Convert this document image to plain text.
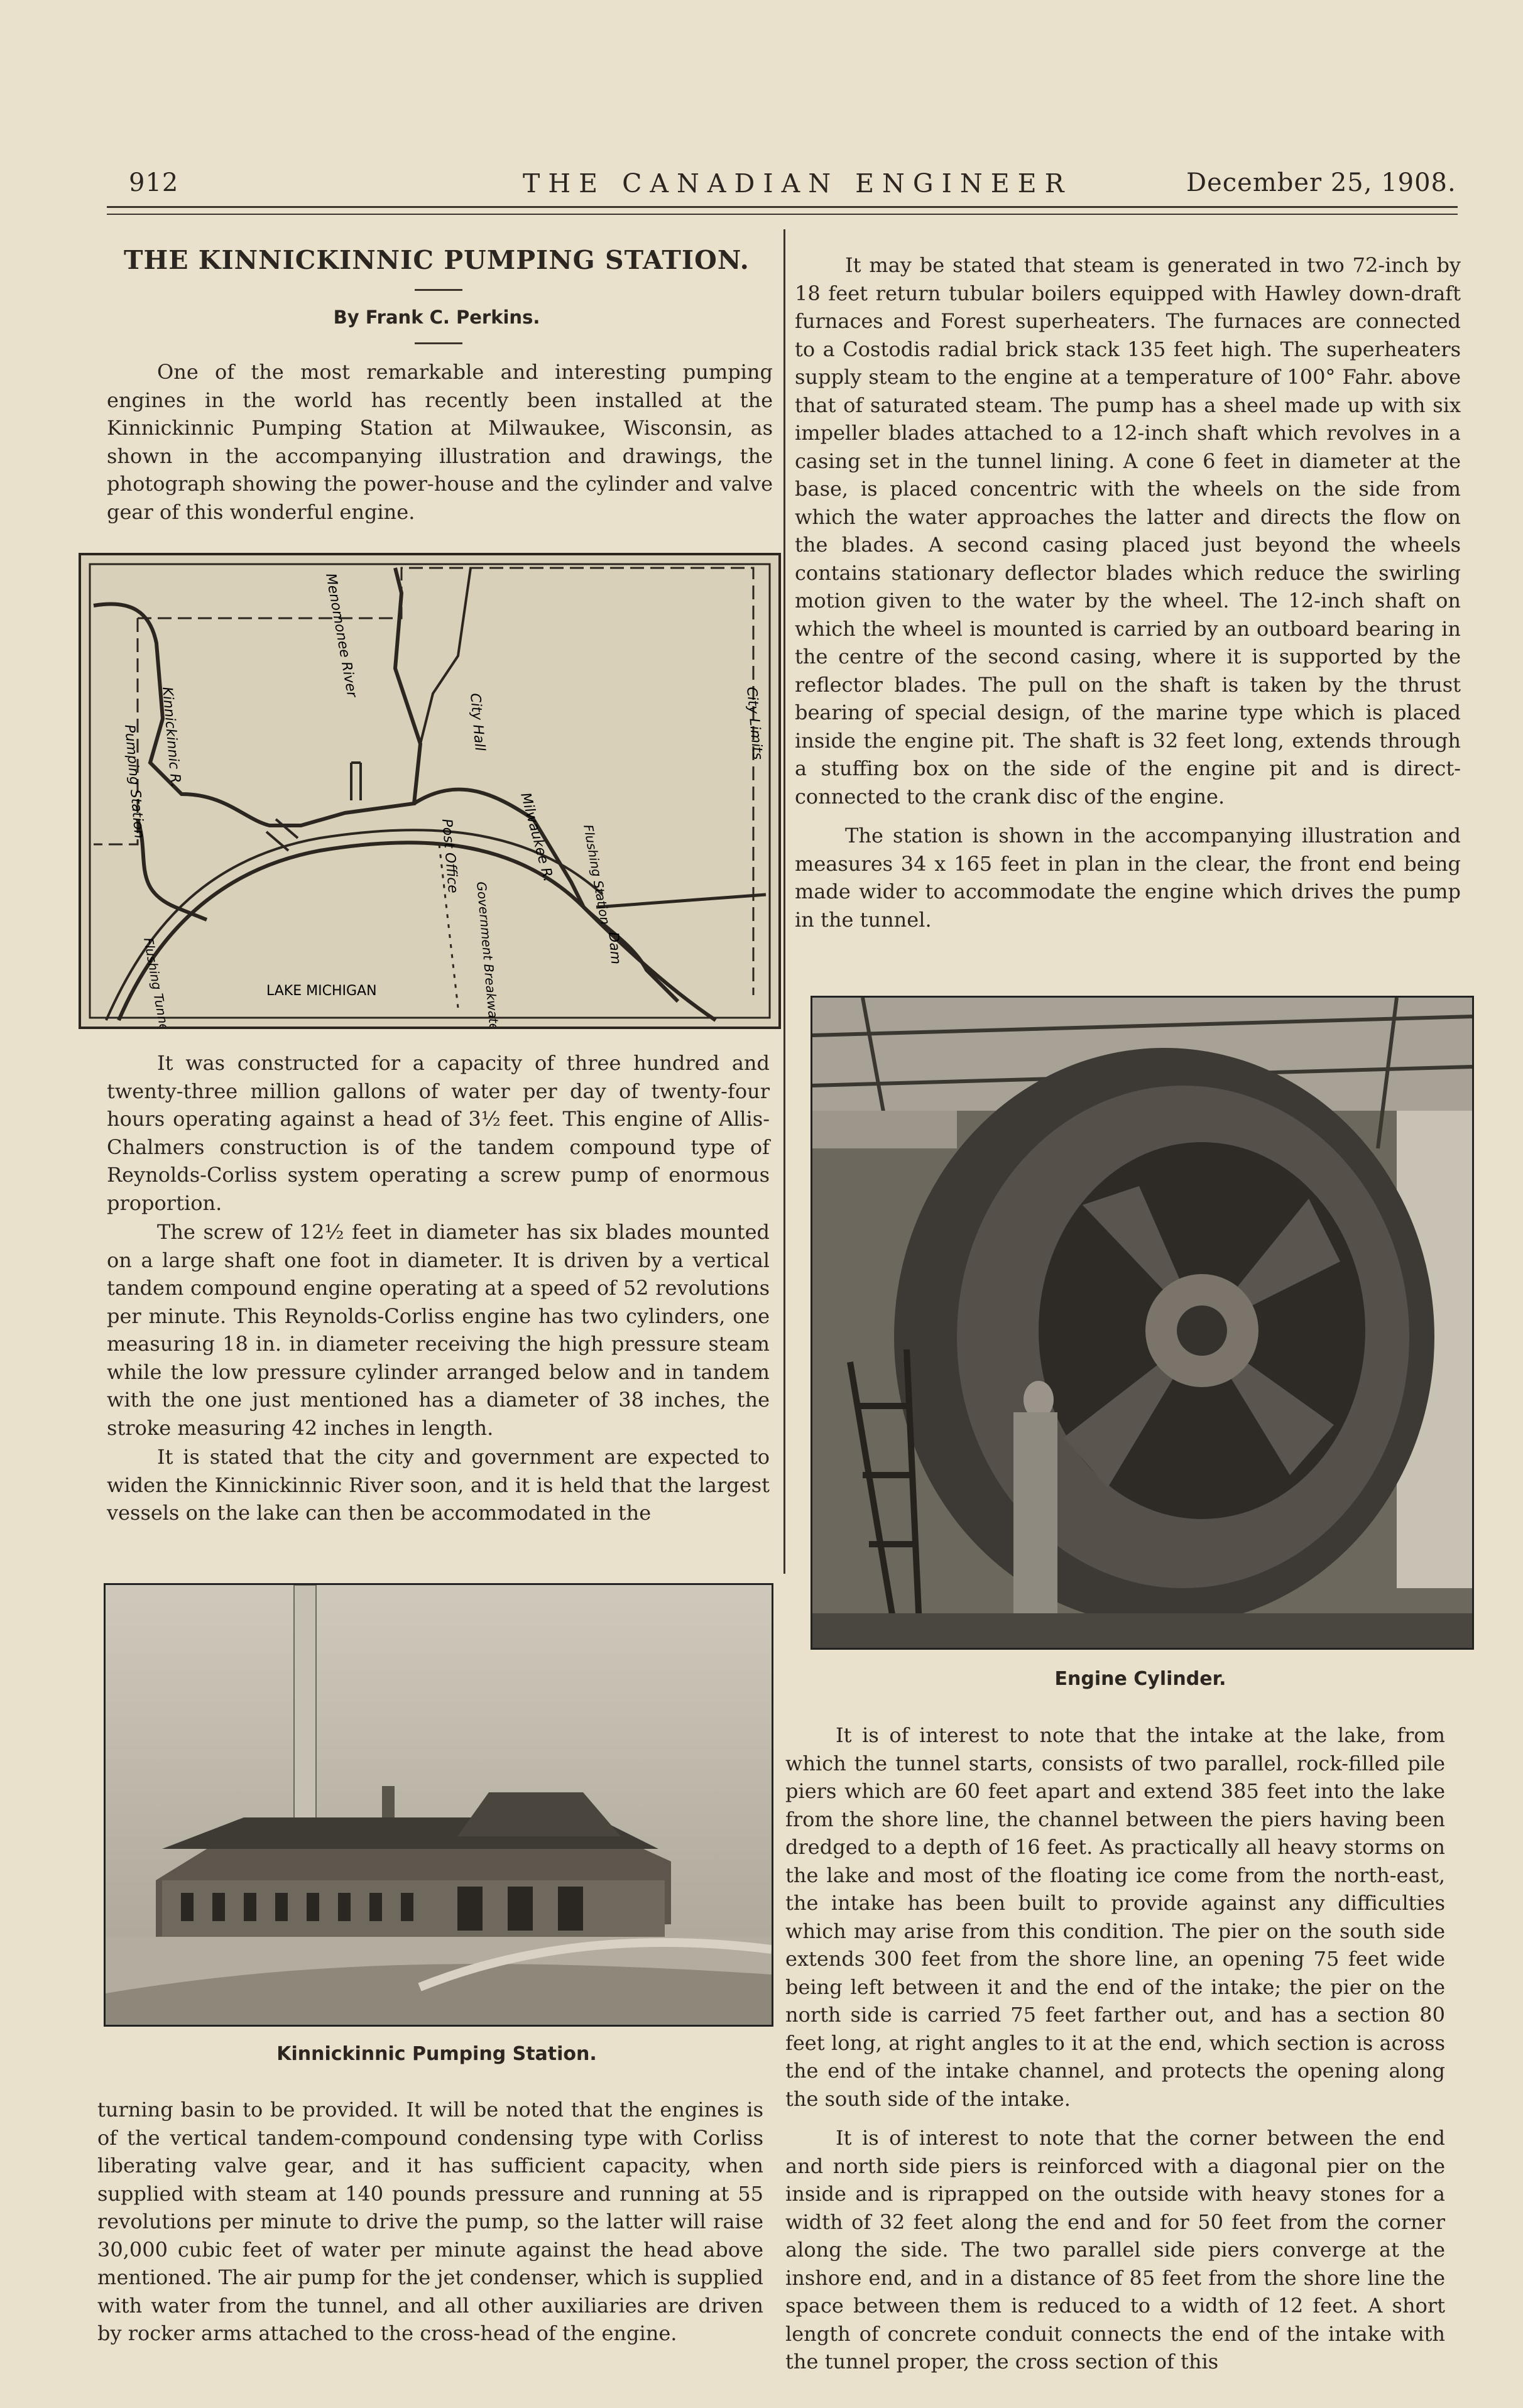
912	THE CANADIAN ENGINEER	December 25, 1908.
THE KINNICKINNIC PUMPING STATION.
By Frank C. Perkins.

One of the most remarkable and interesting pumping engines in the world has recently been installed at the Kinnickinnic Pumping Station at Milwaukee, Wisconsin, as shown in the accompanying illustration and drawings, the photograph showing the power-house and the cylinder and valve gear of this wonderful engine.

Menomonee River
Kinnickinnic R.
Pumping Station
City Hall	City Limits
Milwaukee R. Flushing Station
Post Office
Government Breakwater	Dam
Flushing Tunnel Intake	LAKE MICHIGAN

It was constructed for a capacity of three hundred and twenty-three million gallons of water per day of twenty-four hours operating against a head of 3½ feet. This engine of Allis-Chalmers construction is of the tandem compound type of Reynolds-Corliss system operating a screw pump of enormous proportion.

The screw of 12½ feet in diameter has six blades mounted on a large shaft one foot in diameter. It is driven by a vertical tandem compound engine operating at a speed of 52 revolutions per minute. This Reynolds-Corliss engine has two cylinders, one measuring 18 in. in diameter receiving the high pressure steam while the low pressure cylinder arranged below and in tandem with the one just mentioned has a diameter of 38 inches, the stroke measuring 42 inches in length.

It is stated that the city and government are expected to widen the Kinnickinnic River soon, and it is held that the largest vessels on the lake can then be accommodated in the

Kinnickinnic Pumping Station.

turning basin to be provided. It will be noted that the engines is of the vertical tandem-compound condensing type with Corliss liberating valve gear, and it has sufficient capacity, when supplied with steam at 140 pounds pressure and running at 55 revolutions per minute to drive the pump, so the latter will raise 30,000 cubic feet of water per minute against the head above mentioned. The air pump for the jet condenser, which is supplied with water from the tunnel, and all other auxiliaries are driven by rocker arms attached to the cross-head of the engine.

It may be stated that steam is generated in two 72-inch by 18 feet return tubular boilers equipped with Hawley down-draft furnaces and Forest superheaters. The furnaces are connected to a Costodis radial brick stack 135 feet high. The superheaters supply steam to the engine at a temperature of 100° Fahr. above that of saturated steam. The pump has a sheel made up with six impeller blades attached to a 12-inch shaft which revolves in a casing set in the tunnel lining. A cone 6 feet in diameter at the base, is placed concentric with the wheels on the side from which the water approaches the latter and directs the flow on the blades. A second casing placed just beyond the wheels contains stationary deflector blades which reduce the swirling motion given to the water by the wheel. The 12-inch shaft on which the wheel is mounted is carried by an outboard bearing in the centre of the second casing, where it is supported by the reflector blades. The pull on the shaft is taken by the thrust bearing of special design, of the marine type which is placed inside the engine pit. The shaft is 32 feet long, extends through a stuffing box on the side of the engine pit and is direct-connected to the crank disc of the engine.

The station is shown in the accompanying illustration and measures 34 x 165 feet in plan in the clear, the front end being made wider to accommodate the engine which drives the pump in the tunnel.

Engine Cylinder.

It is of interest to note that the intake at the lake, from which the tunnel starts, consists of two parallel, rock-filled pile piers which are 60 feet apart and extend 385 feet into the lake from the shore line, the channel between the piers having been dredged to a depth of 16 feet. As practically all heavy storms on the lake and most of the floating ice come from the north-east, the intake has been built to provide against any difficulties which may arise from this condition. The pier on the south side extends 300 feet from the shore line, an opening 75 feet wide being left between it and the end of the intake; the pier on the north side is carried 75 feet farther out, and has a section 80 feet long, at right angles to it at the end, which section is across the end of the intake channel, and protects the opening along the south side of the intake.

It is of interest to note that the corner between the end and north side piers is reinforced with a diagonal pier on the inside and is riprapped on the outside with heavy stones for a width of 32 feet along the end and for 50 feet from the corner along the side. The two parallel side piers converge at the inshore end, and in a distance of 85 feet from the shore line the space between them is reduced to a width of 12 feet. A short length of concrete conduit connects the end of the intake with the tunnel proper, the cross section of this
